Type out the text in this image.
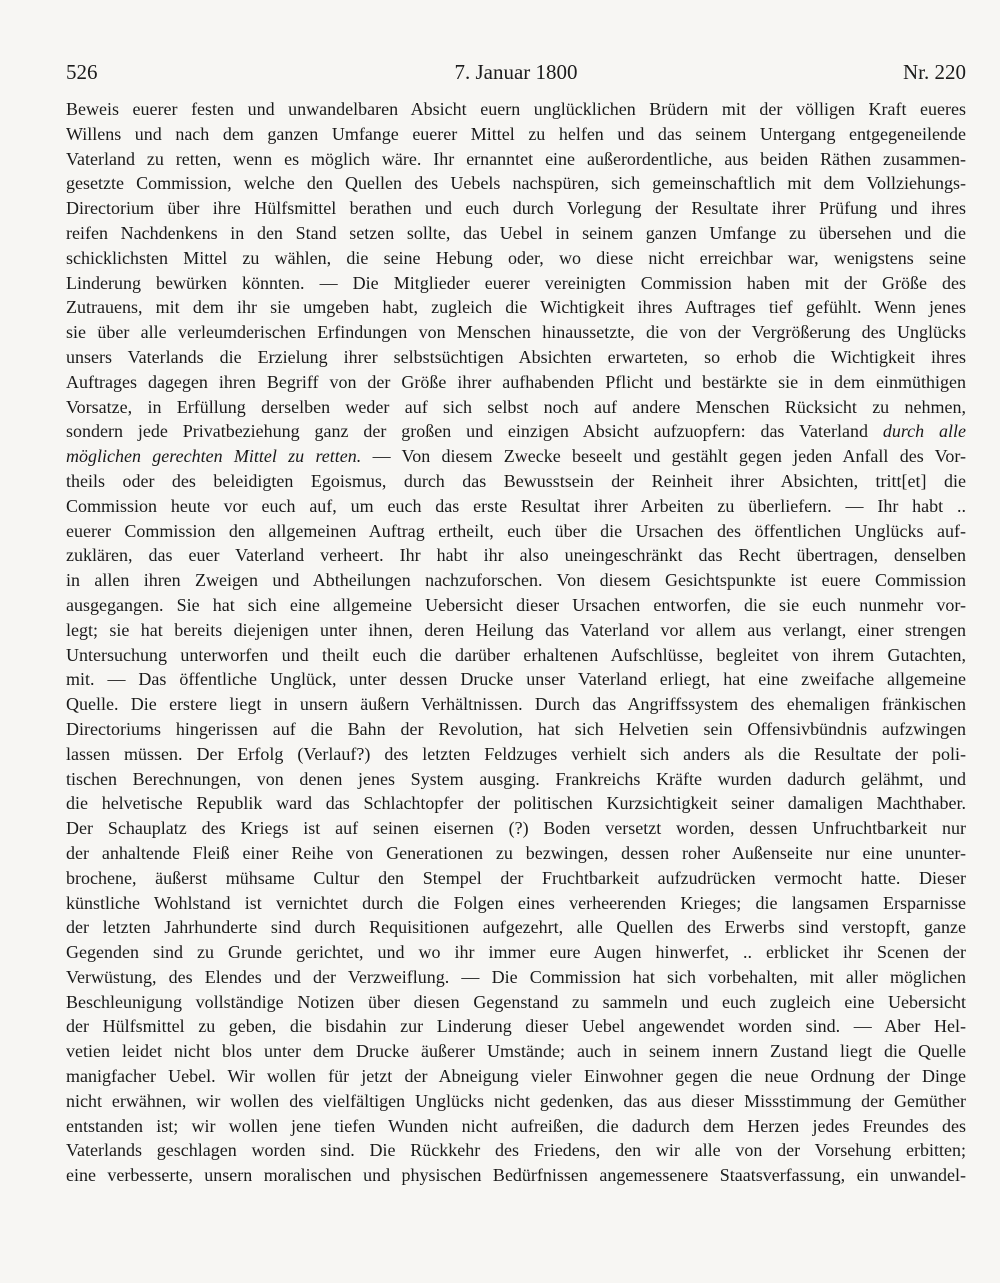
526	7. Januar 1800	Nr. 220
Beweis euerer festen und unwandelbaren Absicht euern unglücklichen Brüdern mit der völligen Kraft eueres
Willens und nach dem ganzen Umfange euerer Mittel zu helfen und das seinem Untergang entgegeneilende
Vaterland zu retten, wenn es möglich wäre. Ihr ernanntet eine außerordentliche, aus beiden Räthen zusammen-
gesetzte Commission, welche den Quellen des Uebels nachspüren, sich gemeinschaftlich mit dem Vollziehungs-
Directorium über ihre Hülfsmittel berathen und euch durch Vorlegung der Resultate ihrer Prüfung und ihres
reifen Nachdenkens in den Stand setzen sollte, das Uebel in seinem ganzen Umfange zu übersehen und die
schicklichsten Mittel zu wählen, die seine Hebung oder, wo diese nicht erreichbar war, wenigstens seine
Linderung bewürken könnten. — Die Mitglieder euerer vereinigten Commission haben mit der Größe des
Zutrauens, mit dem ihr sie umgeben habt, zugleich die Wichtigkeit ihres Auftrages tief gefühlt. Wenn jenes
sie über alle verleumderischen Erfindungen von Menschen hinaussetzte, die von der Vergrößerung des Unglücks
unsers Vaterlands die Erzielung ihrer selbstsüchtigen Absichten erwarteten, so erhob die Wichtigkeit ihres
Auftrages dagegen ihren Begriff von der Größe ihrer aufhabenden Pflicht und bestärkte sie in dem einmüthigen
Vorsatze, in Erfüllung derselben weder auf sich selbst noch auf andere Menschen Rücksicht zu nehmen,
sondern jede Privatbeziehung ganz der großen und einzigen Absicht aufzuopfern: das Vaterland durch alle
möglichen gerechten Mittel zu retten. — Von diesem Zwecke beseelt und gestählt gegen jeden Anfall des Vor-
theils oder des beleidigten Egoismus, durch das Bewusstsein der Reinheit ihrer Absichten, tritt[et] die
Commission heute vor euch auf, um euch das erste Resultat ihrer Arbeiten zu überliefern. — Ihr habt ..
euerer Commission den allgemeinen Auftrag ertheilt, euch über die Ursachen des öffentlichen Unglücks auf-
zuklären, das euer Vaterland verheert. Ihr habt ihr also uneingeschränkt das Recht übertragen, denselben
in allen ihren Zweigen und Abtheilungen nachzuforschen. Von diesem Gesichtspunkte ist euere Commission
ausgegangen. Sie hat sich eine allgemeine Uebersicht dieser Ursachen entworfen, die sie euch nunmehr vor-
legt; sie hat bereits diejenigen unter ihnen, deren Heilung das Vaterland vor allem aus verlangt, einer strengen
Untersuchung unterworfen und theilt euch die darüber erhaltenen Aufschlüsse, begleitet von ihrem Gutachten,
mit. — Das öffentliche Unglück, unter dessen Drucke unser Vaterland erliegt, hat eine zweifache allgemeine
Quelle. Die erstere liegt in unsern äußern Verhältnissen. Durch das Angriffssystem des ehemaligen fränkischen
Directoriums hingerissen auf die Bahn der Revolution, hat sich Helvetien sein Offensivbündnis aufzwingen
lassen müssen. Der Erfolg (Verlauf?) des letzten Feldzuges verhielt sich anders als die Resultate der poli-
tischen Berechnungen, von denen jenes System ausging. Frankreichs Kräfte wurden dadurch gelähmt, und
die helvetische Republik ward das Schlachtopfer der politischen Kurzsichtigkeit seiner damaligen Machthaber.
Der Schauplatz des Kriegs ist auf seinen eisernen (?) Boden versetzt worden, dessen Unfruchtbarkeit nur
der anhaltende Fleiß einer Reihe von Generationen zu bezwingen, dessen roher Außenseite nur eine ununter-
brochene, äußerst mühsame Cultur den Stempel der Fruchtbarkeit aufzudrücken vermocht hatte. Dieser
künstliche Wohlstand ist vernichtet durch die Folgen eines verheerenden Krieges; die langsamen Ersparnisse
der letzten Jahrhunderte sind durch Requisitionen aufgezehrt, alle Quellen des Erwerbs sind verstopft, ganze
Gegenden sind zu Grunde gerichtet, und wo ihr immer eure Augen hinwerfet, .. erblicket ihr Scenen der
Verwüstung, des Elendes und der Verzweiflung. — Die Commission hat sich vorbehalten, mit aller möglichen
Beschleunigung vollständige Notizen über diesen Gegenstand zu sammeln und euch zugleich eine Uebersicht
der Hülfsmittel zu geben, die bisdahin zur Linderung dieser Uebel angewendet worden sind. — Aber Hel-
vetien leidet nicht blos unter dem Drucke äußerer Umstände; auch in seinem innern Zustand liegt die Quelle
manigfacher Uebel. Wir wollen für jetzt der Abneigung vieler Einwohner gegen die neue Ordnung der Dinge
nicht erwähnen, wir wollen des vielfältigen Unglücks nicht gedenken, das aus dieser Missstimmung der Gemüther
entstanden ist; wir wollen jene tiefen Wunden nicht aufreißen, die dadurch dem Herzen jedes Freundes des
Vaterlands geschlagen worden sind. Die Rückkehr des Friedens, den wir alle von der Vorsehung erbitten;
eine verbesserte, unsern moralischen und physischen Bedürfnissen angemessenere Staatsverfassung, ein unwandel-
